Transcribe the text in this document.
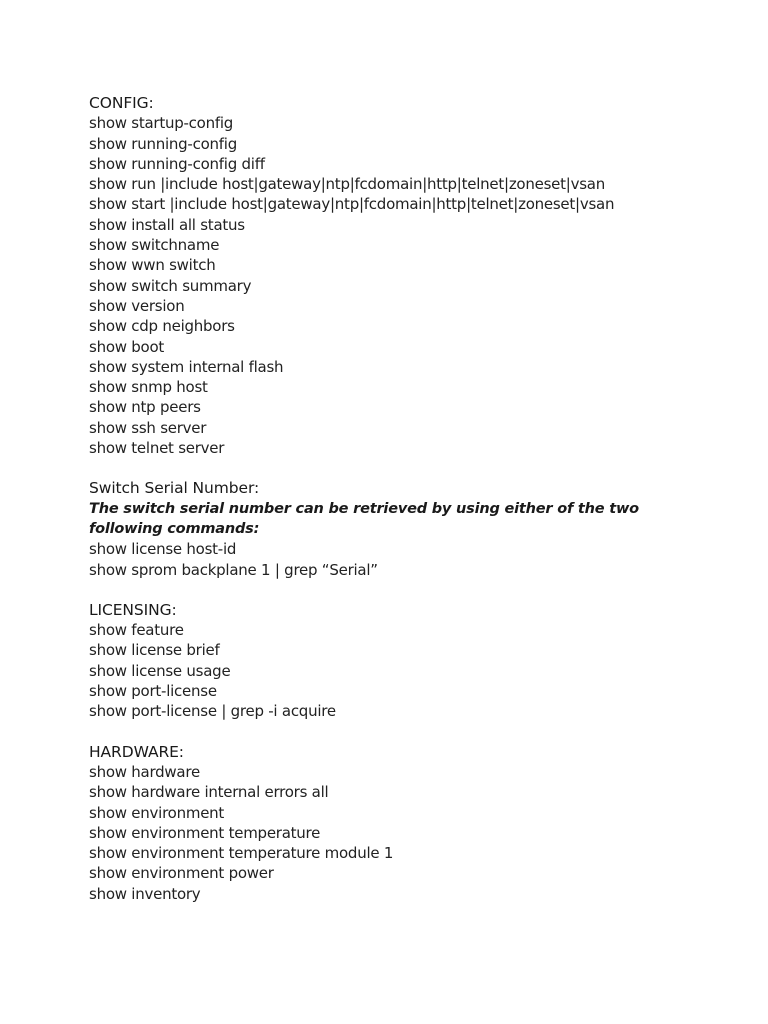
CONFIG:

show startup-config

show running-config

show running-config diff

show run |include host|gateway|ntp|fcdomain|http|telnet|zoneset|vsan

show start |include host|gateway|ntp|fcdomain|http|telnet|zoneset|vsan

show install all status

show switchname

show wwn switch

show switch summary

show version

show cdp neighbors

show boot

show system internal flash

show snmp host

show ntp peers

show ssh server

show telnet server

Switch Serial Number:

The switch serial number can be retrieved by using either of the two following commands:

show license host-id

show sprom backplane 1 | grep “Serial”

LICENSING:

show feature

show license brief

show license usage

show port-license

show port-license | grep -i acquire

HARDWARE:

show hardware

show hardware internal errors all

show environment

show environment temperature

show environment temperature module 1

show environment power

show inventory
